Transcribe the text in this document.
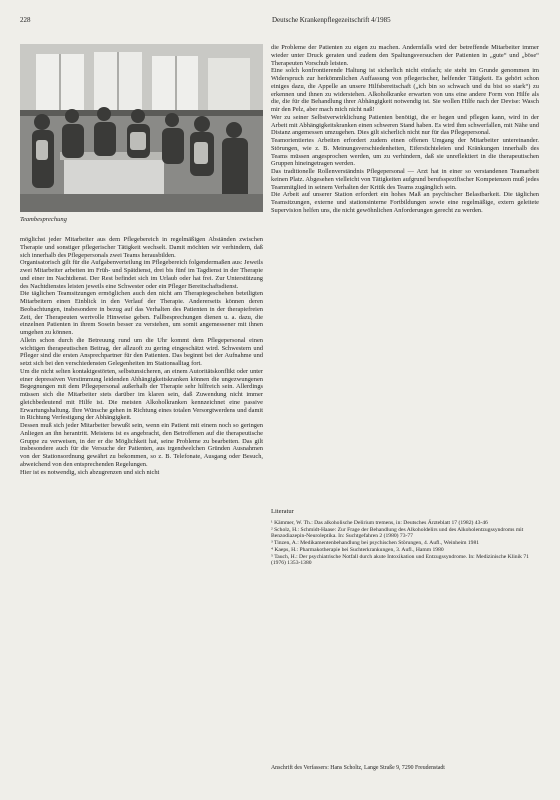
228	Deutsche Krankenpflegezeitschrift 4/1985
Teambesprechung

möglichst jeder Mitarbeiter aus dem Pflegebereich in regelmäßigen Abständen zwischen Therapie und sonstiger pflegerischer Tätigkeit wechselt. Damit möchten wir verhindern, daß sich innerhalb des Pflegepersonals zwei Teams herausbilden.

Organisatorisch gilt für die Aufgabenverteilung im Pflegebereich folgendermaßen aus: Jeweils zwei Mitarbeiter arbeiten im Früh- und Spätdienst, drei bis fünf im Tagdienst in der Therapie und einer im Nachtdienst. Der Rest befindet sich im Urlaub oder hat frei. Zur Unterstützung des Nachtdienstes leisten jeweils eine Schwester oder ein Pfleger Bereitschaftsdienst.

Die täglichen Teamsitzungen ermöglichen auch den nicht am Therapiegeschehen beteiligten Mitarbeitern einen Einblick in den Verlauf der Therapie. Andererseits können deren Beobachtungen, insbesondere in bezug auf das Verhalten des Patienten in der therapiefreien Zeit, der Therapeuten wertvolle Hinweise geben. Fallbesprechungen dienen u. a. dazu, die einzelnen Patienten in ihrem Sosein besser zu verstehen, um somit angemessener mit ihnen umgehen zu können.

Allein schon durch die Betreuung rund um die Uhr kommt dem Pflegepersonal einen wichtigen therapeutischen Beitrag, der allzuoft zu gering eingeschätzt wird. Schwestern und Pfleger sind die ersten Ansprechpartner für den Patienten. Das beginnt bei der Aufnahme und setzt sich bei den verschiedensten Gelegenheiten im Stationsalltag fort.

Um die nicht selten kontaktgestörten, selbstunsicheren, an einem Autoritätskonflikt oder unter einer depressiven Verstimmung leidenden Abhängigkeitskranken können die ungezwungenen Begegnungen mit dem Pflegepersonal außerhalb der Therapie sehr hilfreich sein. Allerdings müssen sich die Mitarbeiter stets darüber im klaren sein, daß Zuwendung nicht immer gleichbedeutend mit Hilfe ist. Die meisten Alkoholkranken kennzeichnet eine passive Erwartungshaltung. Ihre Wünsche gehen in Richtung eines totalen Versorgtwerdens und damit in Richtung Verfestigung der Abhängigkeit.

Dessen muß sich jeder Mitarbeiter bewußt sein, wenn ein Patient mit einem noch so geringen Anliegen an ihn herantritt. Meistens ist es angebracht, den Betroffenen auf die therapeutische Gruppe zu verweisen, in der er die Möglichkeit hat, seine Probleme zu bearbeiten. Das gilt insbesondere auch für die Versuche der Patienten, aus irgendwelchen Gründen Ausnahmen von der Stationsordnung gewährt zu bekommen, so z. B. Telefonate, Ausgang oder Besuch, abweichend von den entsprechenden Regelungen.

Hier ist es notwendig, sich abzugrenzen und sich nicht

die Probleme der Patienten zu eigen zu machen. Andernfalls wird der betreffende Mitarbeiter immer wieder unter Druck geraten und zudem den Spaltungsversuchen der Patienten in „gute“ und „böse“ Therapeuten Vorschub leisten.

Eine solch konfrontierende Haltung ist sicherlich nicht einfach; sie steht im Grunde genommen im Widerspruch zur herkömmlichen Auffassung von pflegerischer, helfender Tätigkeit. Es gehört schon einiges dazu, die Appelle an unsere Hilfsbereitschaft („ich bin so schwach und du bist so stark“) zu erkennen und ihnen zu widerstehen. Alkoholkranke erwarten von uns eine andere Form von Hilfe als die, die für die Behandlung ihrer Abhängigkeit notwendig ist. Sie wollen Hilfe nach der Devise: Wasch mir den Pelz, aber mach mich nicht naß!

Wer zu seiner Selbstverwirklichung Patienten benötigt, die er hegen und pflegen kann, wird in der Arbeit mit Abhängigkeitskranken einen schweren Stand haben. Es wird ihm schwerfallen, mit Nähe und Distanz angemessen umzugehen. Dies gilt sicherlich nicht nur für das Pflegepersonal.

Teamorientiertes Arbeiten erfordert zudem einen offenen Umgang der Mitarbeiter untereinander. Störungen, wie z. B. Meinungsverschiedenheiten, Eifersüchteleien und Kränkungen innerhalb des Teams müssen angesprochen werden, um zu verhindern, daß sie unreflektiert in die therapeutischen Gruppen hineingetragen werden.

Das traditionelle Rollenverständnis Pflegepersonal — Arzt hat in einer so verstandenen Teamarbeit keinen Platz. Abgesehen vielleicht von Tätigkeiten aufgrund berufsspezifischer Kompetenzen muß jedes Teammitglied in seinem Verhalten der Kritik des Teams zugänglich sein.

Die Arbeit auf unserer Station erfordert ein hohes Maß an psychischer Belastbarkeit. Die täglichen Teamsitzungen, externe und stationsinterne Fortbildungen sowie eine regelmäßige, extern geleitete Supervision helfen uns, die nicht gewöhnlichen Anforderungen gerecht zu werden.

Literatur
¹ Kämmer, W. Th.: Das alkoholische Delirium tremens, in: Deutsches Ärzteblatt 17 (1982) 43-46
² Scholz, H.: Schmidt-Haase: Zur Frage der Behandlung des Alkoholdelirs und des Alkoholentzugssyndroms mit Benzodiazepin-Neuroleptika. In: Suchtgefahren 2 (1980) 73-77
³ Tinzen, A.: Medikamentenbehandlung bei psychischen Störungen, 4. Aufl., Weinheim 1981
⁴ Kaeps, H.: Pharmakotherapie bei Suchterkrankungen, 3. Aufl., Hamm 1980
⁵ Tauch, H.: Der psychiatrische Notfall durch akute Intoxikation und Entzugssyndrome. In: Medizinische Klinik 71 (1976) 1353-1380
Anschrift des Verfassers: Hans Scholtz, Lange Straße 9, 7290 Freudenstadt
